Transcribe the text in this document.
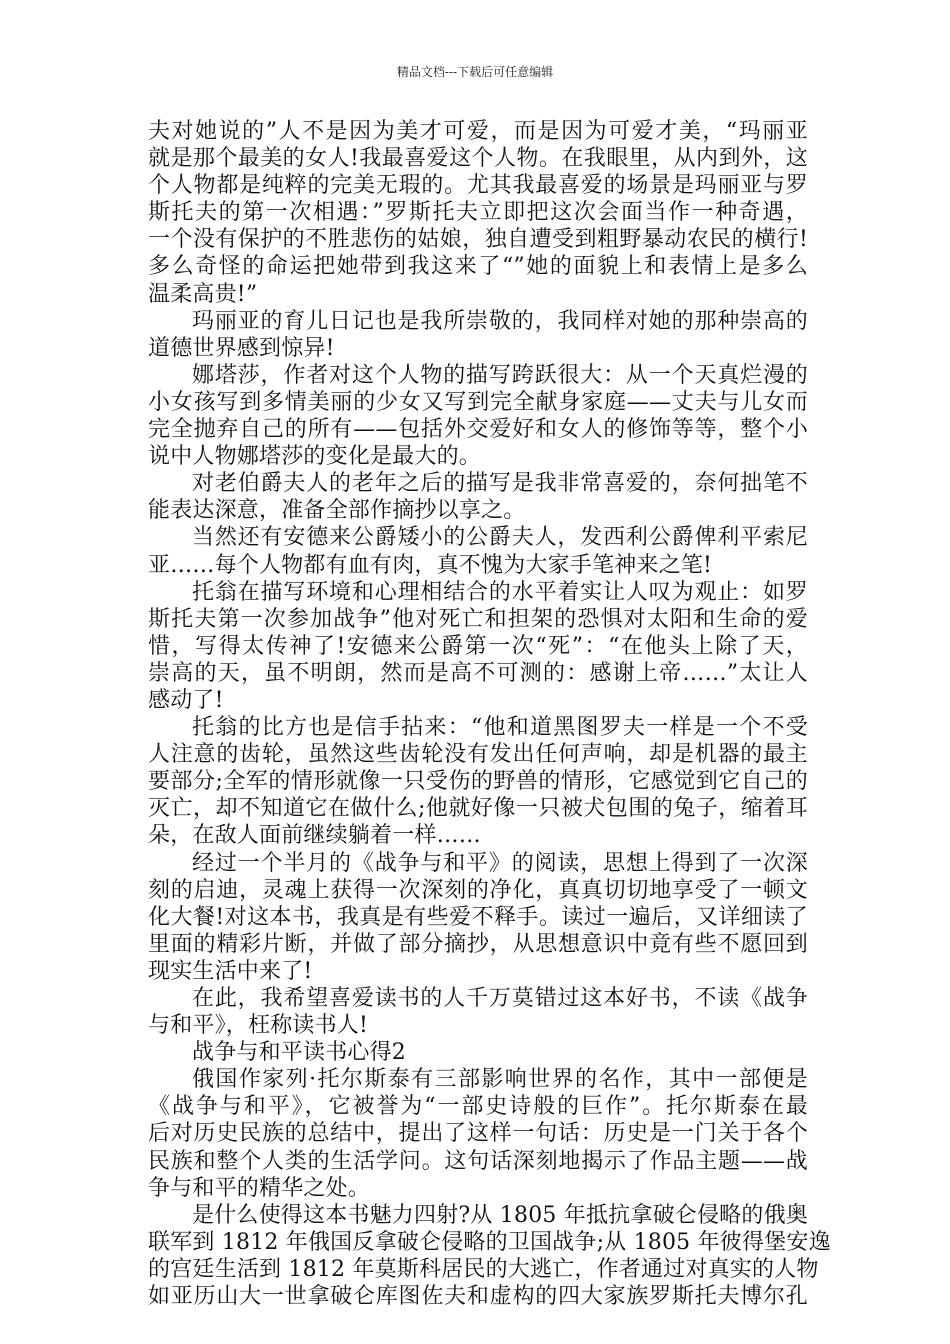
精品文档---下载后可任意编辑
夫对她说的”人不是因为美才可爱，而是因为可爱才美，“玛丽亚
就是那个最美的女人!我最喜爱这个人物。在我眼里，从内到外，这
个人物都是纯粹的完美无瑕的。尤其我最喜爱的场景是玛丽亚与罗
斯托夫的第一次相遇：”罗斯托夫立即把这次会面当作一种奇遇，
一个没有保护的不胜悲伤的姑娘，独自遭受到粗野暴动农民的横行!
多么奇怪的命运把她带到我这来了“”她的面貌上和表情上是多么
温柔高贵!”
玛丽亚的育儿日记也是我所崇敬的，我同样对她的那种崇高的
道德世界感到惊异!
娜塔莎，作者对这个人物的描写跨跃很大：从一个天真烂漫的
小女孩写到多情美丽的少女又写到完全献身家庭——丈夫与儿女而
完全抛弃自己的所有——包括外交爱好和女人的修饰等等，整个小
说中人物娜塔莎的变化是最大的。
对老伯爵夫人的老年之后的描写是我非常喜爱的，奈何拙笔不
能表达深意，准备全部作摘抄以享之。
当然还有安德来公爵矮小的公爵夫人，发西利公爵俾利平索尼
亚……每个人物都有血有肉，真不愧为大家手笔神来之笔!
托翁在描写环境和心理相结合的水平着实让人叹为观止：如罗
斯托夫第一次参加战争”他对死亡和担架的恐惧对太阳和生命的爱
惜，写得太传神了!安德来公爵第一次“死”：“在他头上除了天，
崇高的天，虽不明朗，然而是高不可测的：感谢上帝……”太让人
感动了!
托翁的比方也是信手拈来：“他和道黑图罗夫一样是一个不受
人注意的齿轮，虽然这些齿轮没有发出任何声响，却是机器的最主
要部分;全军的情形就像一只受伤的野兽的情形，它感觉到它自己的
灭亡，却不知道它在做什么;他就好像一只被犬包围的兔子，缩着耳
朵，在敌人面前继续躺着一样……
经过一个半月的《战争与和平》的阅读，思想上得到了一次深
刻的启迪，灵魂上获得一次深刻的净化，真真切切地享受了一顿文
化大餐!对这本书，我真是有些爱不释手。读过一遍后，又详细读了
里面的精彩片断，并做了部分摘抄，从思想意识中竟有些不愿回到
现实生活中来了!
在此，我希望喜爱读书的人千万莫错过这本好书，不读《战争
与和平》，枉称读书人!
战争与和平读书心得2
俄国作家列·托尔斯泰有三部影响世界的名作，其中一部便是
《战争与和平》，它被誉为“一部史诗般的巨作”。托尔斯泰在最
后对历史民族的总结中，提出了这样一句话：历史是一门关于各个
民族和整个人类的生活学问。这句话深刻地揭示了作品主题——战
争与和平的精华之处。
是什么使得这本书魅力四射?从 1805 年抵抗拿破仑侵略的俄奥
联军到 1812 年俄国反拿破仑侵略的卫国战争;从 1805 年彼得堡安逸
的宫廷生活到 1812 年莫斯科居民的大逃亡，作者通过对真实的人物
如亚历山大一世拿破仑库图佐夫和虚构的四大家族罗斯托夫博尔孔
